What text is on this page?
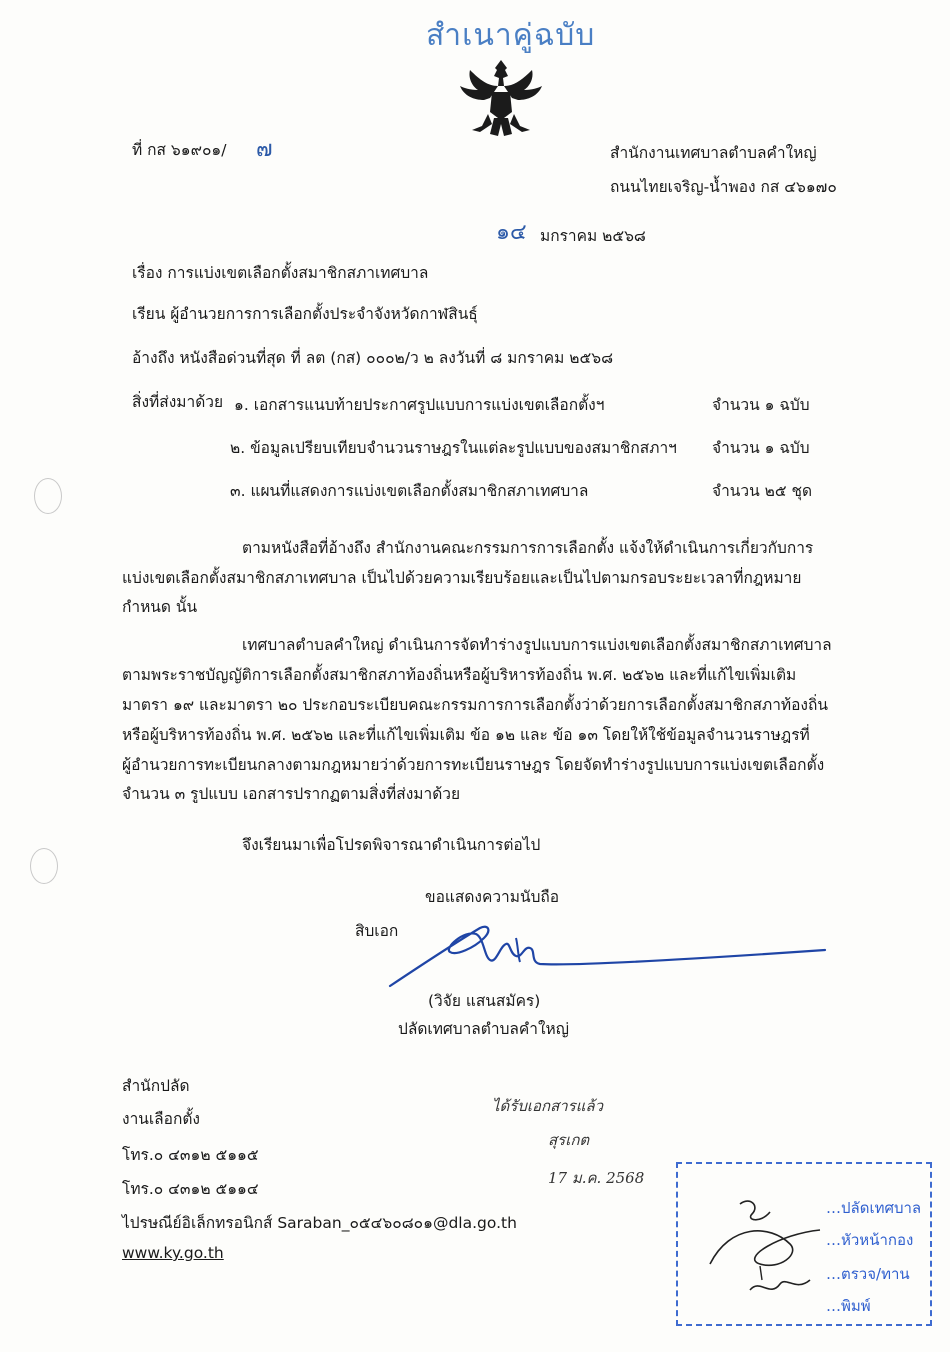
สำเนาคู่ฉบับ
ที่ กส ๖๑๙๐๑/ ๗	สำนักงานเทศบาลตำบลคำใหญ่
ถนนไทยเจริญ-น้ำพอง กส ๔๖๑๗๐
๑๔ มกราคม ๒๕๖๘
เรื่อง การแบ่งเขตเลือกตั้งสมาชิกสภาเทศบาล
เรียน ผู้อำนวยการการเลือกตั้งประจำจังหวัดกาฬสินธุ์
อ้างถึง หนังสือด่วนที่สุด ที่ ลต (กส) ๐๐๐๒/ว ๒ ลงวันที่ ๘ มกราคม ๒๕๖๘
สิ่งที่ส่งมาด้วย ๑. เอกสารแนบท้ายประกาศรูปแบบการแบ่งเขตเลือกตั้งฯ	จำนวน ๑ ฉบับ
๒. ข้อมูลเปรียบเทียบจำนวนราษฎรในแต่ละรูปแบบของสมาชิกสภาฯ จำนวน ๑ ฉบับ
๓. แผนที่แสดงการแบ่งเขตเลือกตั้งสมาชิกสภาเทศบาล	จำนวน ๒๕ ชุด
ตามหนังสือที่อ้างถึง สำนักงานคณะกรรมการการเลือกตั้ง แจ้งให้ดำเนินการเกี่ยวกับการ
แบ่งเขตเลือกตั้งสมาชิกสภาเทศบาล เป็นไปด้วยความเรียบร้อยและเป็นไปตามกรอบระยะเวลาที่กฎหมาย
กำหนด นั้น
เทศบาลตำบลคำใหญ่ ดำเนินการจัดทำร่างรูปแบบการแบ่งเขตเลือกตั้งสมาชิกสภาเทศบาล
ตามพระราชบัญญัติการเลือกตั้งสมาชิกสภาท้องถิ่นหรือผู้บริหารท้องถิ่น พ.ศ. ๒๕๖๒ และที่แก้ไขเพิ่มเติม
มาตรา ๑๙ และมาตรา ๒๐ ประกอบระเบียบคณะกรรมการการเลือกตั้งว่าด้วยการเลือกตั้งสมาชิกสภาท้องถิ่น
หรือผู้บริหารท้องถิ่น พ.ศ. ๒๕๖๒ และที่แก้ไขเพิ่มเติม ข้อ ๑๒ และ ข้อ ๑๓ โดยให้ใช้ข้อมูลจำนวนราษฎรที่
ผู้อำนวยการทะเบียนกลางตามกฎหมายว่าด้วยการทะเบียนราษฎร โดยจัดทำร่างรูปแบบการแบ่งเขตเลือกตั้ง
จำนวน ๓ รูปแบบ เอกสารปรากฏตามสิ่งที่ส่งมาด้วย
จึงเรียนมาเพื่อโปรดพิจารณาดำเนินการต่อไป
ขอแสดงความนับถือ
สิบเอก
(วิจัย แสนสมัคร)
ปลัดเทศบาลตำบลคำใหญ่
สำนักปลัด
งานเลือกตั้ง
โทร.๐ ๔๓๑๒ ๕๑๑๕
โทร.๐ ๔๓๑๒ ๕๑๑๔
ไปรษณีย์อิเล็กทรอนิกส์ Saraban_๐๕๔๖๐๘๐๑@dla.go.th
www.ky.go.th
ได้รับเอกสารแล้ว
สุรเกต
17 ม.ค. 2568
…ปลัดเทศบาล
…หัวหน้ากอง
…ตรวจ/ทาน
…พิมพ์
